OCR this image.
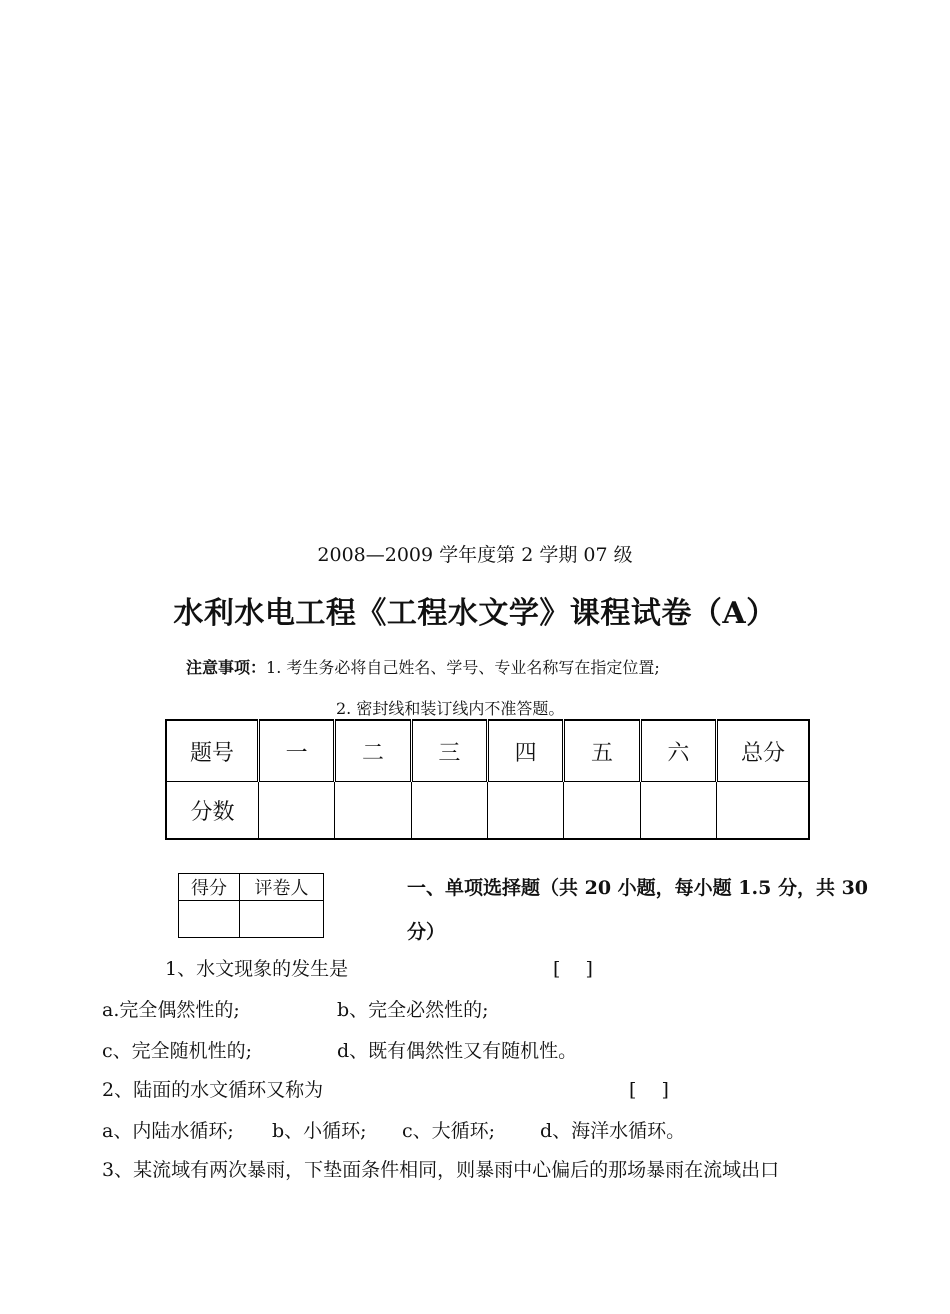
2008—2009 学年度第 2 学期 07 级
水利水电工程《工程水文学》课程试卷（A）
注意事项：1. 考生务必将自己姓名、学号、专业名称写在指定位置;
2. 密封线和装订线内不准答题。
题号	一	二	三	四	五	六	总分
分数							
得分	评卷人
		一、单项选择题（共 20 小题，每小题 1.5 分，共 30 分）
1、水文现象的发生是	[　 ]
a.完全偶然性的;	b、完全必然性的;
c、完全随机性的;	d、既有偶然性又有随机性。
2、陆面的水文循环又称为	[　 ]
a、内陆水循环; b、小循环; c、大循环; d、海洋水循环。
3、某流域有两次暴雨，下垫面条件相同，则暴雨中心偏后的那场暴雨在流域出口
